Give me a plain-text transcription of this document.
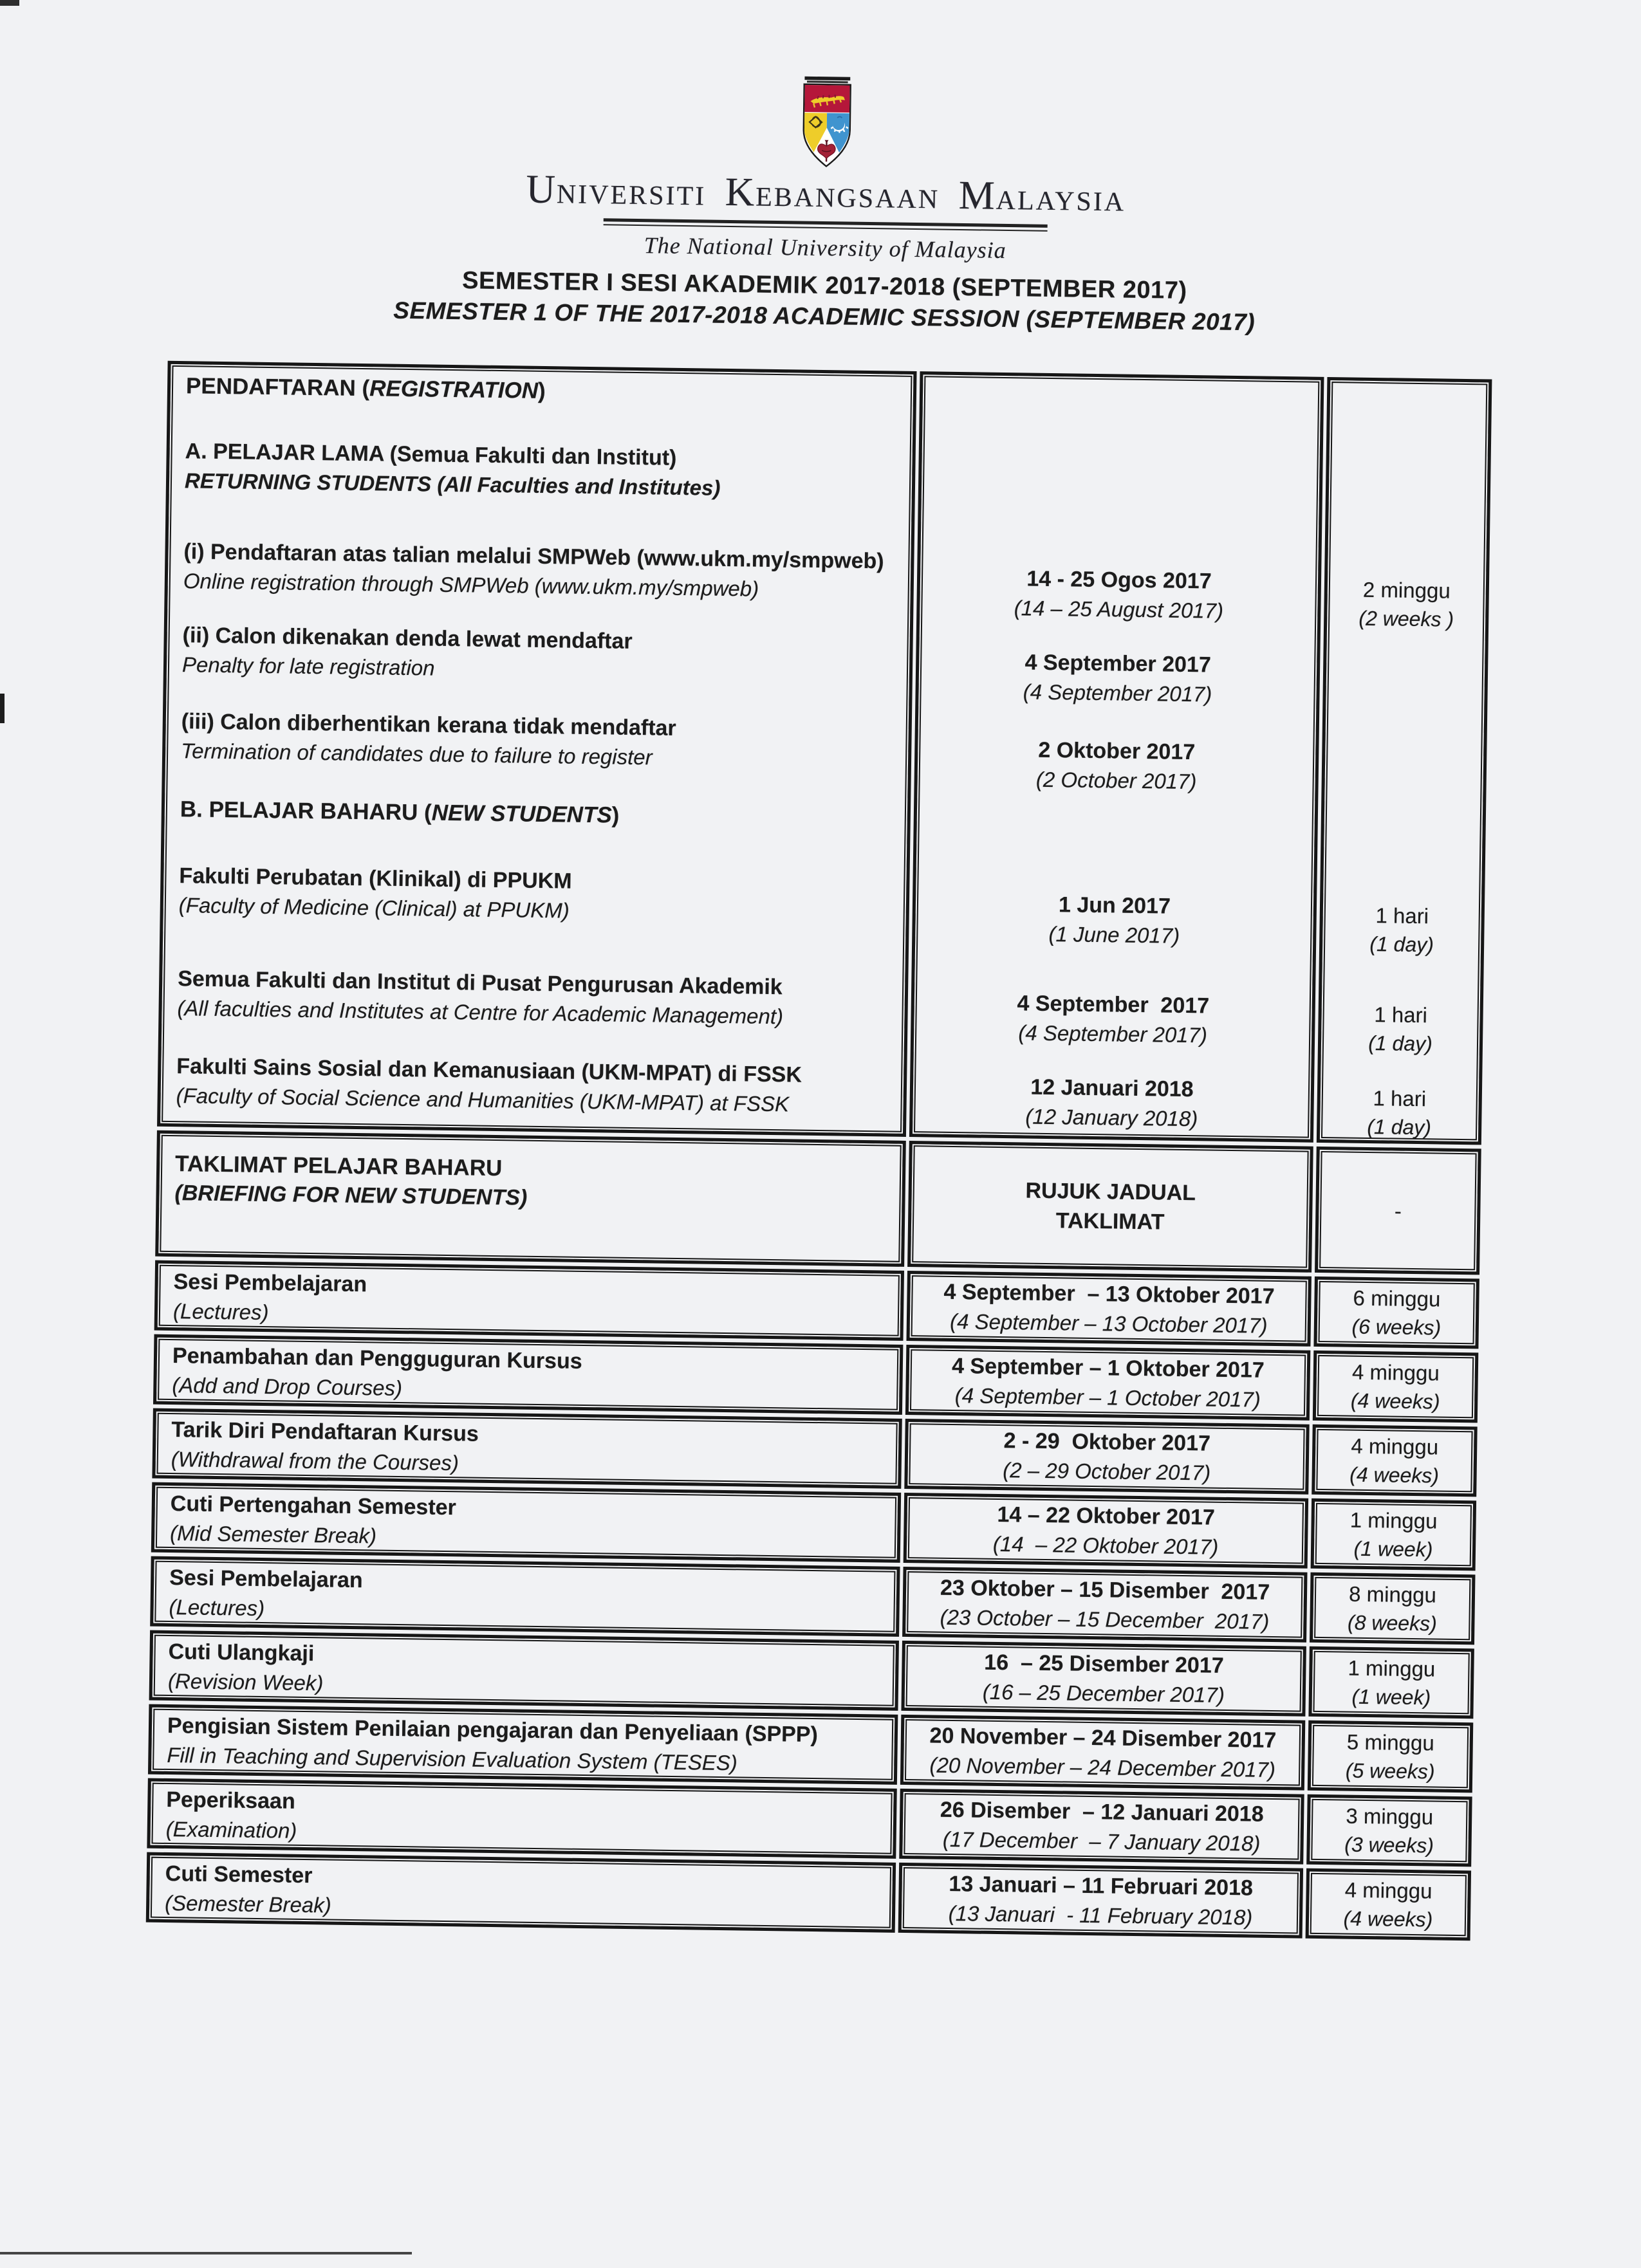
UNIVERSITI KEBANGSAAN MALAYSIA
The National University of Malaysia
SEMESTER I SESI AKADEMIK 2017-2018 (SEPTEMBER 2017)
SEMESTER 1 OF THE 2017-2018 ACADEMIC SESSION (SEPTEMBER 2017)
PENDAFTARAN (REGISTRATION)
A. PELAJAR LAMA (Semua Fakulti dan Institut)
RETURNING STUDENTS (All Faculties and Institutes)
(i) Pendaftaran atas talian melalui SMPWeb (www.ukm.my/smpweb)
Online registration through SMPWeb (www.ukm.my/smpweb)
(ii) Calon dikenakan denda lewat mendaftar
Penalty for late registration
(iii) Calon diberhentikan kerana tidak mendaftar
Termination of candidates due to failure to register
B. PELAJAR BAHARU (NEW STUDENTS)
Fakulti Perubatan (Klinikal) di PPUKM
(Faculty of Medicine (Clinical) at PPUKM)
Semua Fakulti dan Institut di Pusat Pengurusan Akademik
(All faculties and Institutes at Centre for Academic Management)
Fakulti Sains Sosial dan Kemanusiaan (UKM-MPAT) di FSSK
(Faculty of Social Science and Humanities (UKM-MPAT) at FSSK
14 - 25 Ogos 2017
(14 – 25 August 2017)
4 September 2017
(4 September 2017)
2 Oktober 2017
(2 October 2017)
1 Jun 2017
(1 June 2017)
4 September  2017
(4 September 2017)
12 Januari 2018
(12 January 2018)
2 minggu
(2 weeks )
1 hari
(1 day)
1 hari
(1 day)
1 hari
(1 day)
TAKLIMAT PELAJAR BAHARU
(BRIEFING FOR NEW STUDENTS)	RUJUK JADUAL
TAKLIMAT	-
Sesi Pembelajaran
(Lectures)
4 September  – 13 Oktober 2017
(4 September – 13 October 2017)
6 minggu
(6 weeks)
Penambahan dan Pengguguran Kursus
(Add and Drop Courses)
4 September – 1 Oktober 2017
(4 September – 1 October 2017)
4 minggu
(4 weeks)
Tarik Diri Pendaftaran Kursus
(Withdrawal from the Courses)
2 - 29  Oktober 2017
(2 – 29 October 2017)
4 minggu
(4 weeks)
Cuti Pertengahan Semester
(Mid Semester Break)
14 – 22 Oktober 2017
(14  – 22 Oktober 2017)
1 minggu
(1 week)
Sesi Pembelajaran
(Lectures)
23 Oktober – 15 Disember  2017
(23 October – 15 December  2017)
8 minggu
(8 weeks)
Cuti Ulangkaji
(Revision Week)
16  – 25 Disember 2017
(16 – 25 December 2017)
1 minggu
(1 week)
Pengisian Sistem Penilaian pengajaran dan Penyeliaan (SPPP)
Fill in Teaching and Supervision Evaluation System (TESES)
20 November – 24 Disember 2017
(20 November – 24 December 2017)
5 minggu
(5 weeks)
Peperiksaan
(Examination)
26 Disember  – 12 Januari 2018
(17 December  – 7 January 2018)
3 minggu
(3 weeks)
Cuti Semester
(Semester Break)
13 Januari – 11 Februari 2018
(13 Januari  - 11 February 2018)
4 minggu
(4 weeks)
